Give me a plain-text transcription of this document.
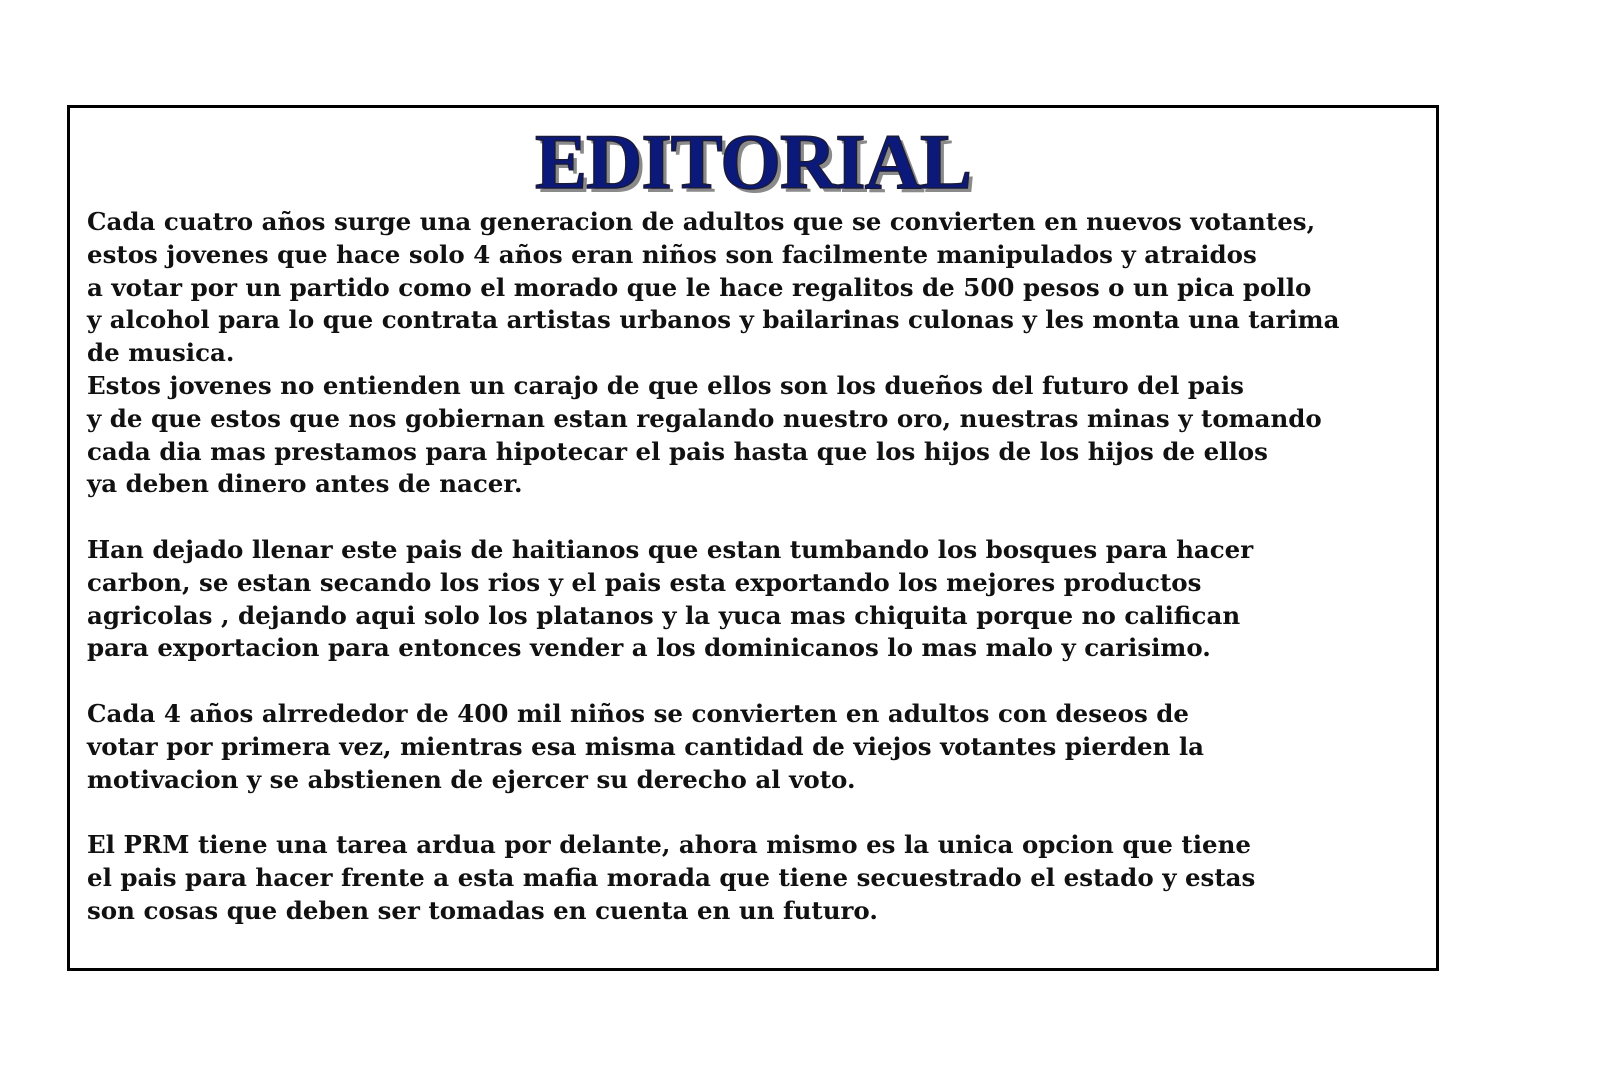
EDITORIAL
Cada cuatro años surge una generacion de adultos que se convierten en nuevos votantes,
estos jovenes que hace solo 4 años eran niños son facilmente manipulados y atraidos
a votar por un partido como el morado que le hace regalitos de 500 pesos o un pica pollo
y alcohol para lo que contrata artistas urbanos y bailarinas culonas y les monta una tarima
de musica.
Estos jovenes no entienden un carajo de que ellos son los dueños del futuro del pais
y de que estos que nos gobiernan estan regalando nuestro oro, nuestras minas y tomando
cada dia mas prestamos para hipotecar el pais hasta que los hijos de los hijos de ellos
ya deben dinero antes de nacer.
Han dejado llenar este pais de haitianos que estan tumbando los bosques para hacer
carbon, se estan secando los rios y el pais esta exportando los mejores productos
agricolas , dejando aqui solo los platanos y la yuca mas chiquita porque no califican
para exportacion para entonces vender a los dominicanos lo mas malo y carisimo.
Cada 4 años alrrededor de 400 mil niños se convierten en adultos con deseos de
votar por primera vez, mientras esa misma cantidad de viejos votantes pierden la
motivacion y se abstienen de ejercer su derecho al voto.
El PRM tiene una tarea ardua por delante, ahora mismo es la unica opcion que tiene
el pais para hacer frente a esta mafia morada que tiene secuestrado el estado y estas
son cosas que deben ser tomadas en cuenta en un futuro.
